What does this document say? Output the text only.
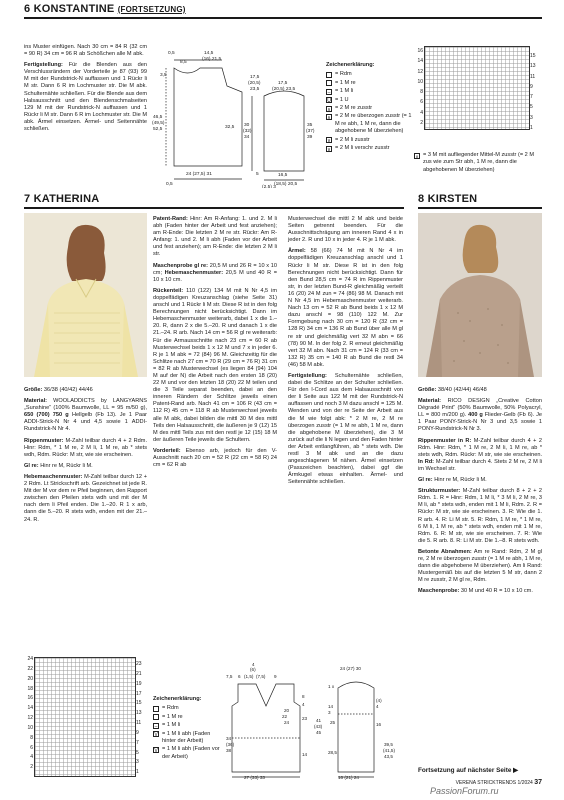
6 KONSTANTINE (FORTSETZUNG)

ins Muster einfügen. Nach 30 cm = 84 R (32 cm = 90 R) 34 cm = 96 R ab Schößchen alle M abk.

Fertigstellung: Für die Blenden aus den Verschlussrändern der Vorderteile je 87 (93) 99 M mit der Rundstrick-N auffassen und 1 Rückr li M str. Dann 6 R im Lochmuster str. Die M abk. Schulternähte schließen. Für die Blende aus dem Halsausschnitt und den Blendenschmalseiten 129 M mit der Rundstrick-N auffassen und 1 Rückr li M str. Dann 6 R im Lochmuster str. Die M abk. Ärmel einsetzen. Ärmel- und Seitennähte schließen.

0,5	14,5
(16) 21,5
8,5
17,5
(20,5)
23,5
3,5
46,5
(49,5)
52,5	32,5 30
(32)
34
24 (27,5) 31
0,5
17,5
(20,5) 23,5
35
(37)
39
16,5
(18,5) 20,5
(2,5) 3
5
Zeichenerklärung:
= Rdm
= 1 M re
– = 1 M li
U = 1 U
∧ = 2 M re zusstr
∧ = 2 M re überzogen zusstr (= 1 M re abh, 1 M re, dann die abgehobene M überziehen)
∨ = 2 M li zusstr
∨ = 2 M li verschr zusstr
16
14
12
10
8
6
4
2
15
13
11
9
7
5
3
1
∧ = 3 M mit aufliegender Mittel-M zusstr (= 2 M zus wie zum Str abh, 1 M re, dann die abgehobenen M überziehen)
7 KATHERINA

Größe: 36/38 (40/42) 44/46

Material: WOOLADDICTS by LANGYARNS „Sunshine“ (100% Baumwolle, LL = 95 m/50 g), 650 (700) 750 g Hellgelb (Fb 13). Je 1 Paar ADDI-Strick-N Nr 4 und 4,5 sowie 1 ADDI-Rundstrick-N Nr 4.

Rippenmuster: M-Zahl teilbar durch 4 + 2 Rdm. Hinr: Rdm, * 1 M re, 2 M li, 1 M re, ab * stets wdh, Rdm. Rückr: M str, wie sie erscheinen.

Gl re: Hinr re M, Rückr li M.

Hebemaschenmuster: M-Zahl teilbar durch 12 + 2 Rdm. Lt Strickschrift arb. Gezeichnet ist jede R. Mit der M vor dem re Pfeil beginnen, den Rapport zwischen den Pfeilen stets wdh und mit der M nach dem li Pfeil enden. Die 1.–20. R 1 x arb, dann die 5.–20. R stets wdh, enden mit der 21.–24. R.

24
22
20
18
16
14
12
10
8
6
4
2
23
21
19
17
15
13
11
9
7
5
3
1

Patent-Rand: Hinr: Am R-Anfang: 1. und 2. M li abh (Faden hinter der Arbeit und fest anziehen); am R-Ende: Die letzten 2 M re str. Rückr: Am R-Anfang: 1. und 2. M li abh (Faden vor der Arbeit und fest anziehen); am R-Ende: die letzten 2 M li str.

Maschenprobe gl re: 20,5 M und 26 R = 10 x 10 cm; Hebemaschenmuster: 20,5 M und 40 R = 10 x 10 cm.

Rückenteil: 110 (122) 134 M mit N Nr 4,5 im doppelfädigen Kreuzanschlag (siehe Seite 31) anschl und 1 Rückr li M str. Diese R ist in den folg Berechnungen nicht berücksichtigt. Dann im Hebemaschenmuster weiterarb, dabei 1 x die 1.–20. R, dann 2 x die 5.–20. R und danach 1 x die 21.–24. R arb. Nach 14 cm = 56 R gl re weiterarb: Für die Armausschnitte nach 23 cm = 60 R ab Musterwechsel beids 1 x 12 M und 7 x in jeder 6. R je 1 M abk = 72 (84) 96 M. Gleichzeitig für die Schlitze nach 27 cm = 70 R (29 cm = 76 R) 31 cm = 82 R ab Musterwechsel (es liegen 84 (94) 104 M auf der N) die Arbeit nach den ersten 18 (20) 22 M und vor den letzten 18 (20) 22 M teilen und die 3 Teile separat beenden, dabei an den inneren Rändern der Schlitze jeweils einen Patent-Rand arb. Nach 41 cm = 106 R (43 cm = 112 R) 45 cm = 118 R ab Musterwechsel jeweils alle M abk, dabei bilden die mittl 30 M des mittl Teils den Halsausschnitt, die äußeren je 9 (12) 15 M des mittl Teils zus mit den restl je 12 (15) 18 M der äußeren Teile jeweils die Schultern.

Vorderteil: Ebenso arb, jedoch für den V-Ausschnitt nach 20 cm = 52 R (22 cm = 58 R) 24 cm = 62 R ab

Zeichenerklärung:
= Rdm
= 1 M re
– = 1 M li
V = 1 M li abh (Faden hinter der Arbeit)
V = 1 M li abh (Faden vor der Arbeit)
4
(6)
7,5 6 (1,5) (7,5) 9
8
4
34
(36)
38
23
14
41
(43)
45
20
22
24
27 (33) 33
24 (27) 30
1 x
14
3
(4)
4
25	16
39,5
(41,5)
43,5
28,5
16 (21) 24

Musterwechsel die mittl 2 M abk und beide Seiten getrennt beenden. Für die Ausschnittschrägung am inneren Rand 4 x in jeder 2. R und 10 x in jeder 4. R je 1 M abk.

Ärmel: 58 (66) 74 M mit N Nr 4 im doppelfädigen Kreuzanschlag anschl und 1 Rückr li M str. Diese R ist in den folg Berechnungen nicht berücksichtigt. Dann für den Bund 28,5 cm = 74 R im Rippenmuster str, in der letzten Bund-R gleichmäßig verteilt 16 (20) 24 M zun = 74 (86) 98 M. Danach mit N Nr 4,5 im Hebemaschenmuster weiterarb. Nach 13 cm = 52 R ab Bund beids 1 x 12 M dazu anschl = 98 (110) 122 M. Zur Formgebung nach 30 cm = 120 R (32 cm = 128 R) 34 cm = 136 R ab Bund über alle M gl re str und gleichmäßig vert 32 M abn = 66 (78) 90 M. In der folg 2. R erneut gleichmäßig vert 32 M abn. Nach 31 cm = 124 R (33 cm = 132 R) 35 cm = 140 R ab Bund die restl 34 (46) 58 M abk.

Fertigstellung: Schulternähte schließen, dabei die Schlitze an der Schulter schließen. Für den I-Cord aus dem Halsausschnitt von der li Seite aus 122 M mit der Rundstrick-N auffassen und noch 3 M dazu anschl = 125 M. Wenden und von der re Seite der Arbeit aus die M wie folgt abk: * 2 M re, 2 M re überzogen zusstr (= 1 M re abh, 1 M re, dann die abgehobene M überziehen), die 3 M zurück auf die li N legen und den Faden hinter der Arbeit entlangführen, ab * stets wdh. Die restl 3 M abk und an die dazu angeschlagenen M nähen. Ärmel einsetzen (Passzeichen beachten), dabei ggf die Ärmkugel etwas einhalten. Ärmel- und Seitennähte schließen.

8 KIRSTEN

Größe: 38/40 (42/44) 46/48

Material: RICO DESIGN „Creative Cotton Dégradé Print“ (50% Baumwolle, 50% Polyacryl, LL = 800 m/200 g). 400 g Flieder-Gelb (Fb 6). Je 1 Paar PONY-Strick-N Nr 3 und 3,5 sowie 1 PONY-Rundstrick-N Nr 3.

Rippenmuster in R: M-Zahl teilbar durch 4 + 2 Rdm. Hinr: Rdm, * 1 M re, 2 M li, 1 M re, ab * stets wdh, Rdm. Rückr: M str, wie sie erscheinen. In Rd: M-Zahl teilbar durch 4. Stets 2 M re, 2 M li im Wechsel str.

Gl re: Hinr re M, Rückr li M.

Strukturmuster: M-Zahl teilbar durch 8 + 2 + 2 Rdm. 1. R = Hinr: Rdm, 1 M li, * 3 M li, 2 M re, 3 M li, ab * stets wdh, enden mit 1 M li, Rdm. 2. R = Rückr: M str, wie sie erscheinen. 3. R: Wie die 1. R arb. 4. R: Li M str. 5. R: Rdm, 1 M re, * 1 M re, 6 M li, 1 M re, ab * stets wdh, enden mit 1 M re, Rdm. 6. R: M str, wie sie erscheinen. 7. R: Wie die 5. R arb. 8. R: Li M str. Die 1.–8. R stets wdh.

Betonte Abnahmen: Am re Rand: Rdm, 2 M gl re, 2 M re überzogen zusstr (= 1 M re abh, 1 M re, dann die abgehobene M überziehen). Am li Rand: Mustergemäß bis auf die letzten 5 M str, dann 2 M re zusstr, 2 M gl re, Rdm.

Maschenprobe: 30 M und 40 R = 10 x 10 cm.

Fortsetzung auf nächster Seite ▶
VERENA STRICKTRENDS 1/2024 37
PassionForum.ru
